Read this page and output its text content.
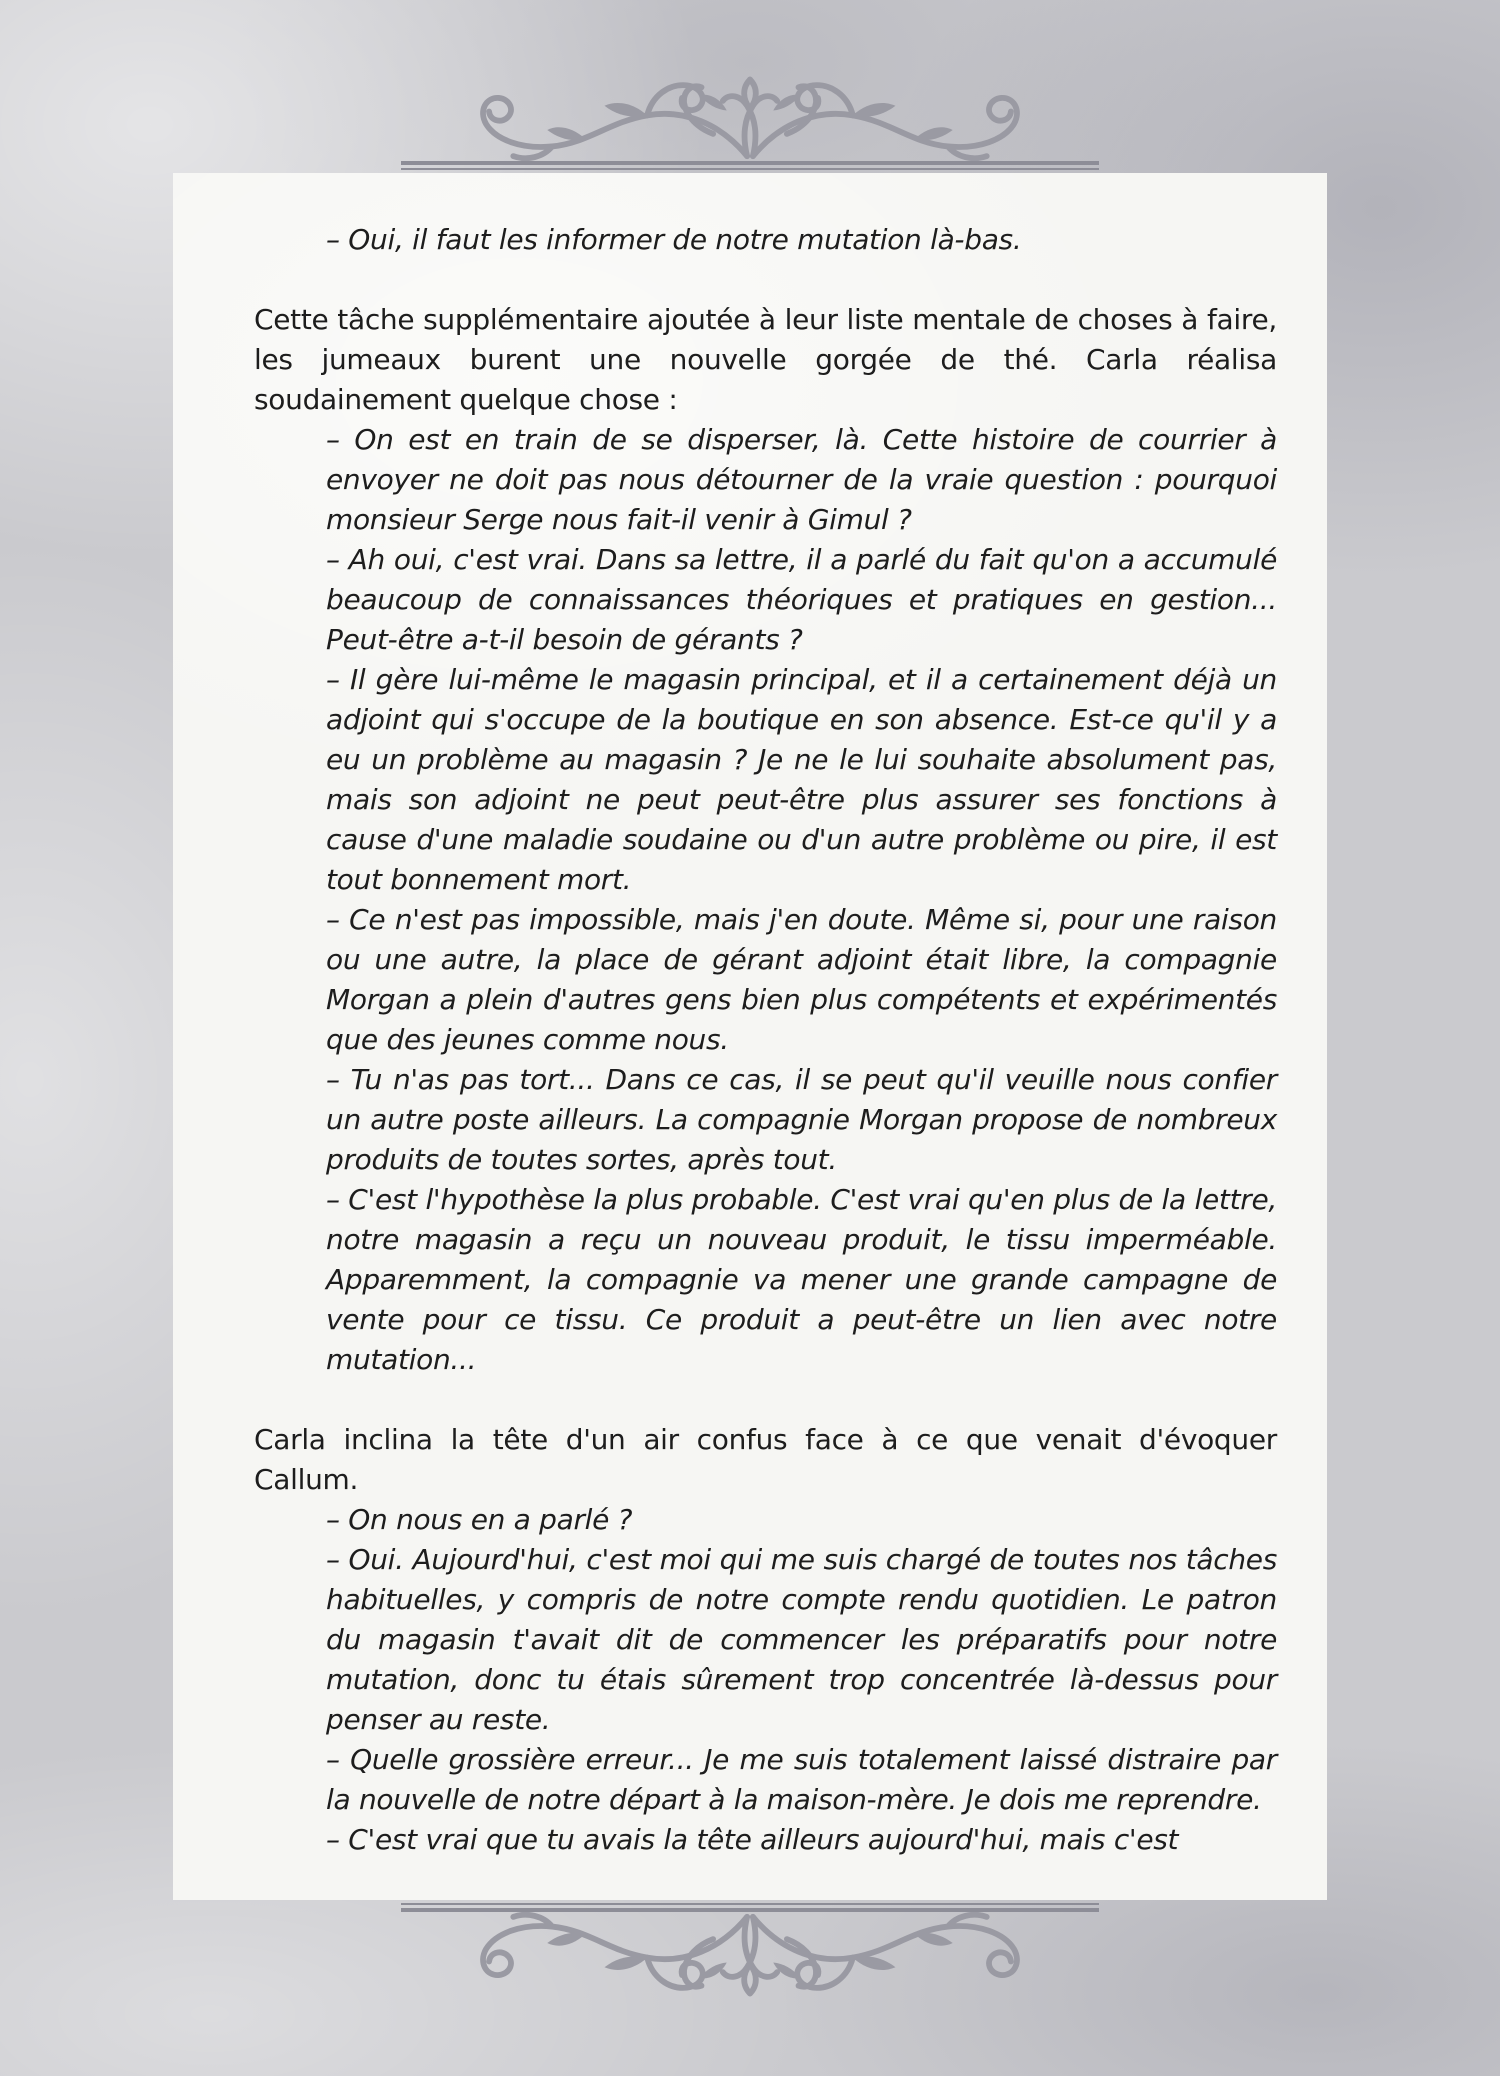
– Oui, il faut les informer de notre mutation là-bas.

Cette tâche supplémentaire ajoutée à leur liste mentale de choses à faire, les jumeaux burent une nouvelle gorgée de thé. Carla réalisa soudainement quelque chose :

– On est en train de se disperser, là. Cette histoire de courrier à envoyer ne doit pas nous détourner de la vraie question : pourquoi monsieur Serge nous fait-il venir à Gimul ?

– Ah oui, c'est vrai. Dans sa lettre, il a parlé du fait qu'on a accumulé beaucoup de connaissances théoriques et pratiques en gestion... Peut-être a-t-il besoin de gérants ?

– Il gère lui-même le magasin principal, et il a certainement déjà un adjoint qui s'occupe de la boutique en son absence. Est-ce qu'il y a eu un problème au magasin ? Je ne le lui souhaite absolument pas, mais son adjoint ne peut peut-être plus assurer ses fonctions à cause d'une maladie soudaine ou d'un autre problème ou pire, il est tout bonnement mort.

– Ce n'est pas impossible, mais j'en doute. Même si, pour une raison ou une autre, la place de gérant adjoint était libre, la compagnie Morgan a plein d'autres gens bien plus compétents et expérimentés que des jeunes comme nous.

– Tu n'as pas tort... Dans ce cas, il se peut qu'il veuille nous confier un autre poste ailleurs. La compagnie Morgan propose de nombreux produits de toutes sortes, après tout.

– C'est l'hypothèse la plus probable. C'est vrai qu'en plus de la lettre, notre magasin a reçu un nouveau produit, le tissu imperméable. Apparemment, la compagnie va mener une grande campagne de vente pour ce tissu. Ce produit a peut-être un lien avec notre mutation...

Carla inclina la tête d'un air confus face à ce que venait d'évoquer Callum.

– On nous en a parlé ?

– Oui. Aujourd'hui, c'est moi qui me suis chargé de toutes nos tâches habituelles, y compris de notre compte rendu quotidien. Le patron du magasin t'avait dit de commencer les préparatifs pour notre mutation, donc tu étais sûrement trop concentrée là-dessus pour penser au reste.

– Quelle grossière erreur... Je me suis totalement laissé distraire par la nouvelle de notre départ à la maison-mère. Je dois me reprendre.

– C'est vrai que tu avais la tête ailleurs aujourd'hui, mais c'est
